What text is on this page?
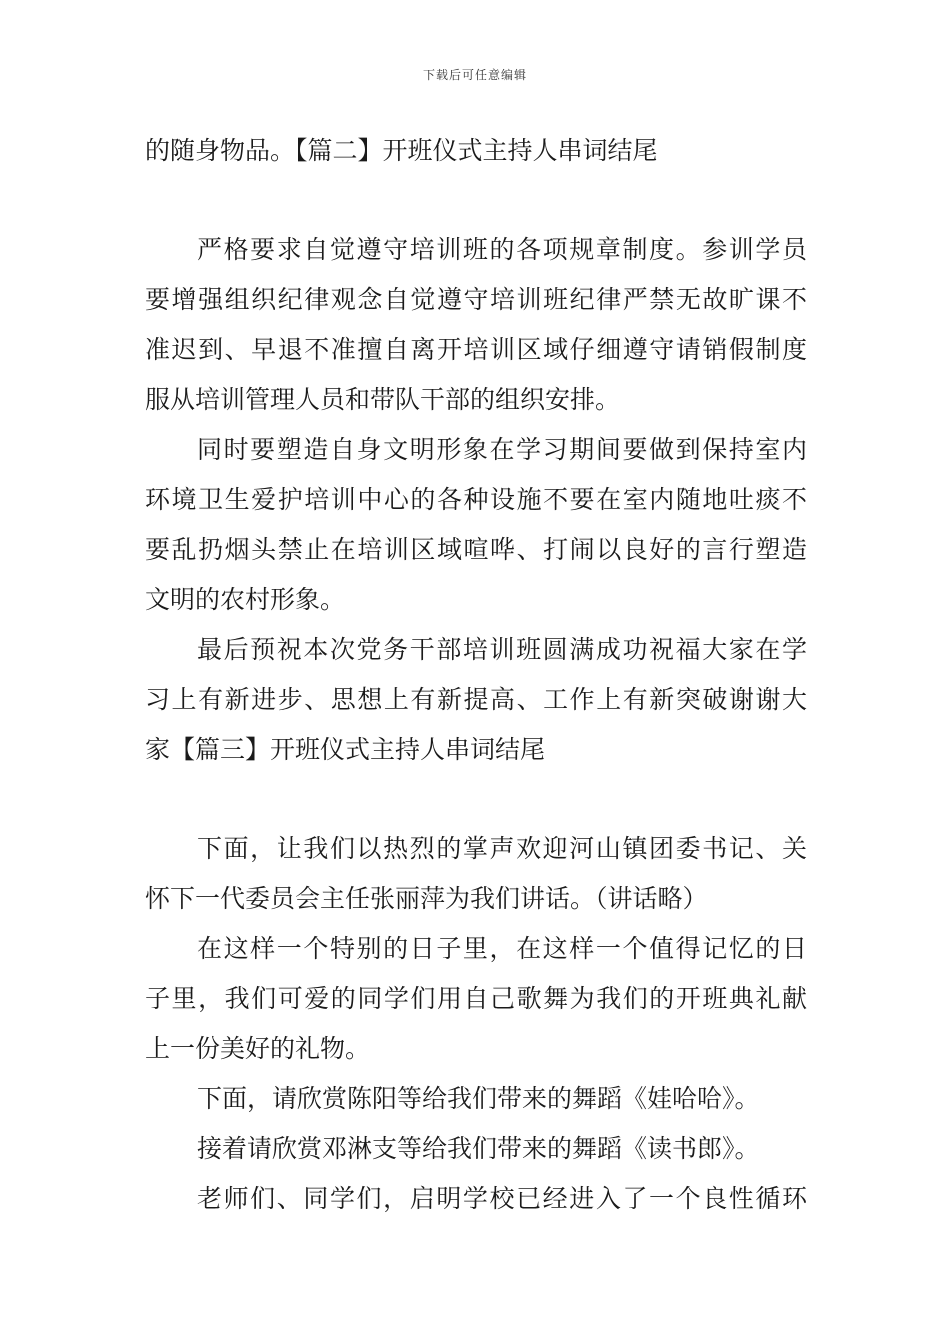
下载后可任意编辑
的随身物品。【篇二】开班仪式主持人串词结尾
严格要求自觉遵守培训班的各项规章制度。参训学员
要增强组织纪律观念自觉遵守培训班纪律严禁无故旷课不
准迟到、早退不准擅自离开培训区域仔细遵守请销假制度
服从培训管理人员和带队干部的组织安排。
同时要塑造自身文明形象在学习期间要做到保持室内
环境卫生爱护培训中心的各种设施不要在室内随地吐痰不
要乱扔烟头禁止在培训区域喧哗、打闹以良好的言行塑造
文明的农村形象。
最后预祝本次党务干部培训班圆满成功祝福大家在学
习上有新进步、思想上有新提高、工作上有新突破谢谢大
家【篇三】开班仪式主持人串词结尾
下面，让我们以热烈的掌声欢迎河山镇团委书记、关
怀下一代委员会主任张丽萍为我们讲话。（讲话略）
在这样一个特别的日子里，在这样一个值得记忆的日
子里，我们可爱的同学们用自己歌舞为我们的开班典礼献
上一份美好的礼物。
下面，请欣赏陈阳等给我们带来的舞蹈《娃哈哈》。
接着请欣赏邓淋支等给我们带来的舞蹈《读书郎》。
老师们、同学们，启明学校已经进入了一个良性循环
